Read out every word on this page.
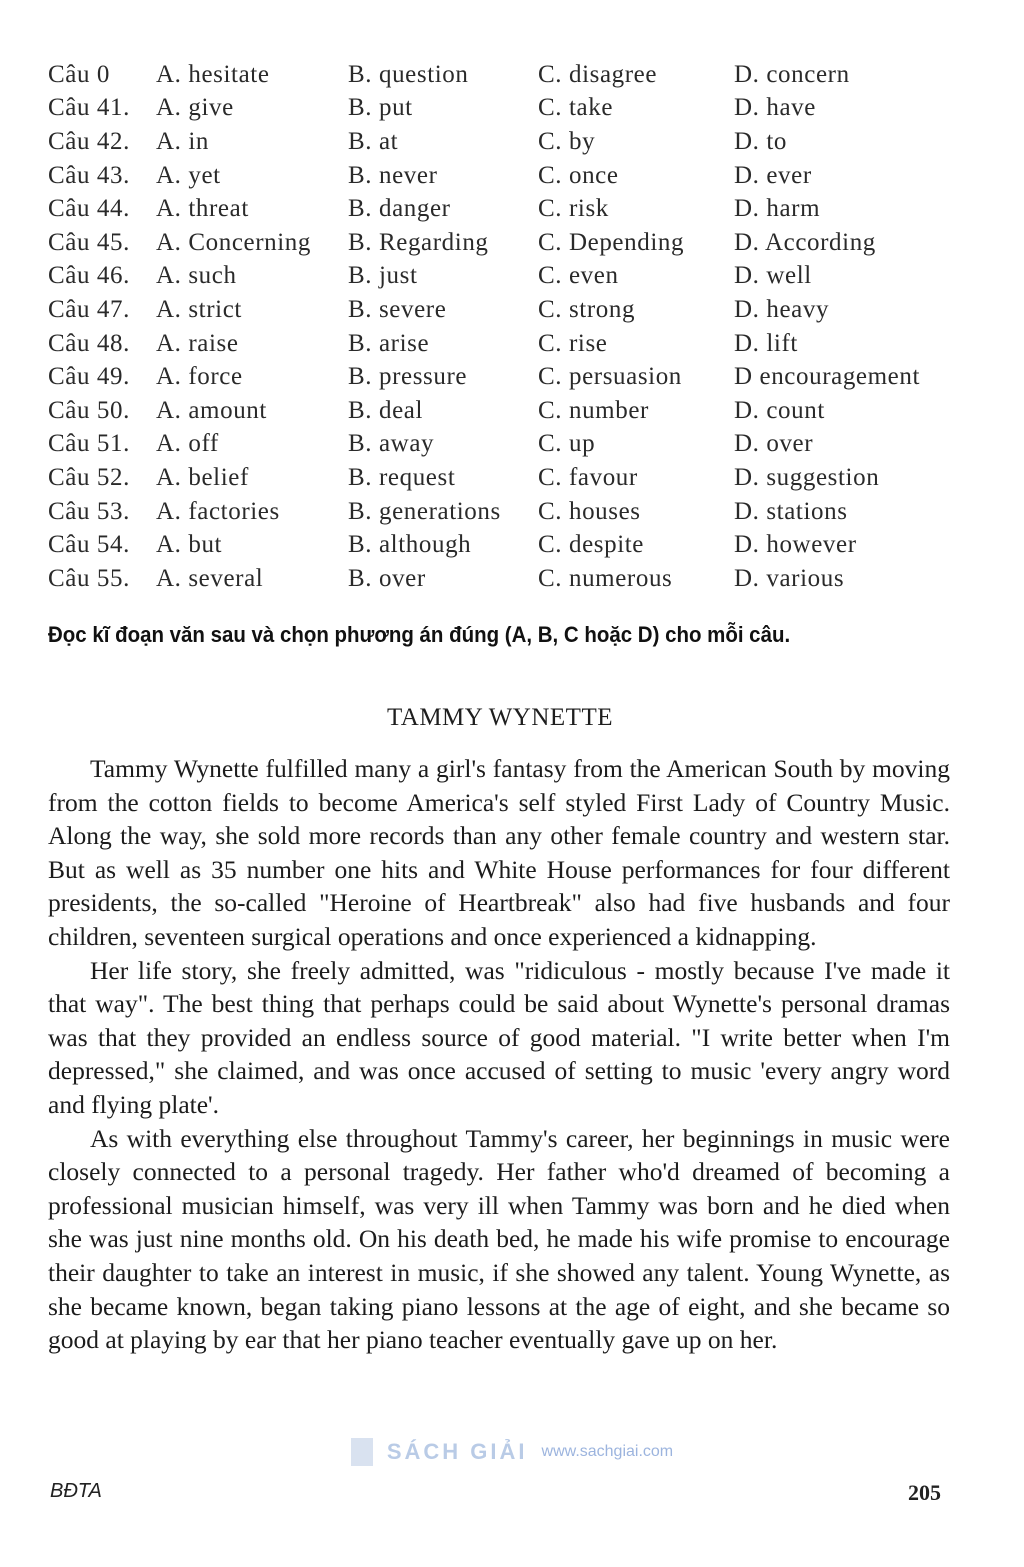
Câu 0	A. hesitate	B. question	C. disagree	D. concern
Câu 41.	A. give	B. put	C. take	D. have
Câu 42.	A. in	B. at	C. by	D. to
Câu 43.	A. yet	B. never	C. once	D. ever
Câu 44.	A. threat	B. danger	C. risk	D. harm
Câu 45.	A. Concerning	B. Regarding	C. Depending	D. According
Câu 46.	A. such	B. just	C. even	D. well
Câu 47.	A. strict	B. severe	C. strong	D. heavy
Câu 48.	A. raise	B. arise	C. rise	D. lift
Câu 49.	A. force	B. pressure	C. persuasion	D encouragement
Câu 50.	A. amount	B. deal	C. number	D. count
Câu 51.	A. off	B. away	C. up	D. over
Câu 52.	A. belief	B. request	C. favour	D. suggestion
Câu 53.	A. factories	B. generations	C. houses	D. stations
Câu 54.	A. but	B. although	C. despite	D. however
Câu 55.	A. several	B. over	C. numerous	D. various
Đọc kĩ đoạn văn sau và chọn phương án đúng (A, B, C hoặc D) cho mỗi câu.
TAMMY WYNETTE

Tammy Wynette fulfilled many a girl's fantasy from the American South by moving from the cotton fields to become America's self styled First Lady of Country Music. Along the way, she sold more records than any other female country and western star. But as well as 35 number one hits and White House performances for four different presidents, the so-called "Heroine of Heartbreak" also had five husbands and four children, seventeen surgical operations and once experienced a kidnapping.

Her life story, she freely admitted, was "ridiculous - mostly because I've made it that way". The best thing that perhaps could be said about Wynette's personal dramas was that they provided an endless source of good material. "I write better when I'm depressed," she claimed, and was once accused of setting to music 'every angry word and flying plate'.

As with everything else throughout Tammy's career, her beginnings in music were closely connected to a personal tragedy. Her father who'd dreamed of becoming a professional musician himself, was very ill when Tammy was born and he died when she was just nine months old. On his death bed, he made his wife promise to encourage their daughter to take an interest in music, if she showed any talent. Young Wynette, as she became known, began taking piano lessons at the age of eight, and she became so good at playing by ear that her piano teacher eventually gave up on her.

SÁCH GIẢI www.sachgiai.com
BĐTA	205
